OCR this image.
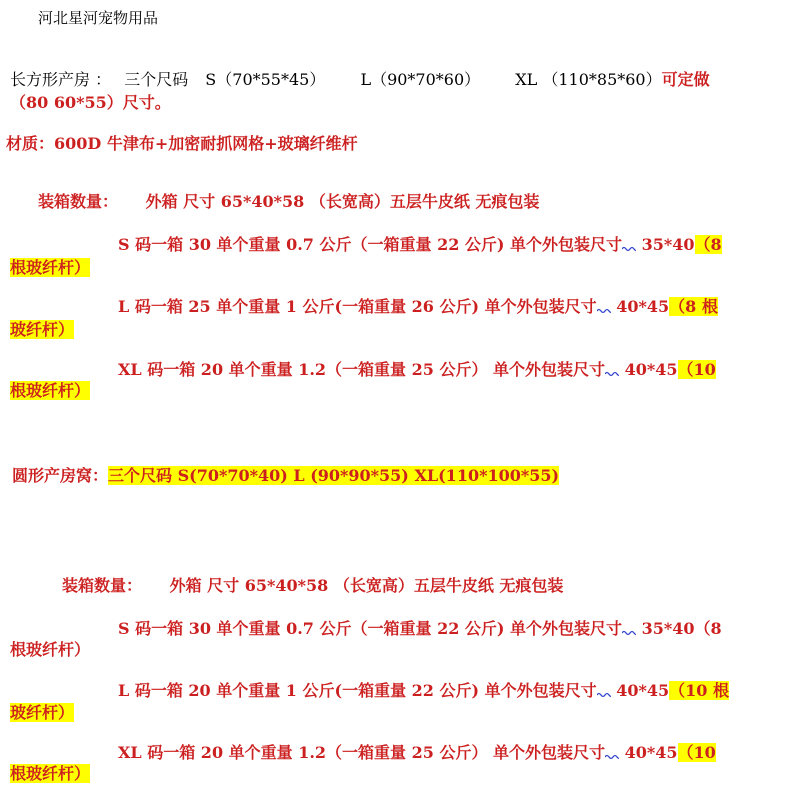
河北星河宠物用品

长方形产房 ： 三个尺码 S（70*55*45） L（90*70*60） XL （110*85*60）可定做

（80 60*55）尺寸。

材质：600D 牛津布+加密耐抓网格+玻璃纤维杆

装箱数量： 外箱 尺寸 65*40*58 （长宽高）五层牛皮纸 无痕包装

S 码一箱 30 单个重量 0.7 公斤（一箱重量 22 公斤) 单个外包装尺寸 35*40（8

根玻纤杆）

L 码一箱 25 单个重量 1 公斤(一箱重量 26 公斤) 单个外包装尺寸 40*45（8 根

玻纤杆）

XL 码一箱 20 单个重量 1.2（一箱重量 25 公斤） 单个外包装尺寸 40*45（10

根玻纤杆）

圆形产房窝：三个尺码 S(70*70*40) L (90*90*55) XL(110*100*55)

装箱数量： 外箱 尺寸 65*40*58 （长宽高）五层牛皮纸 无痕包装

S 码一箱 30 单个重量 0.7 公斤（一箱重量 22 公斤) 单个外包装尺寸 35*40（8

根玻纤杆）

L 码一箱 20 单个重量 1 公斤(一箱重量 22 公斤) 单个外包装尺寸 40*45（10 根

玻纤杆）

XL 码一箱 20 单个重量 1.2（一箱重量 25 公斤） 单个外包装尺寸 40*45（10

根玻纤杆）
